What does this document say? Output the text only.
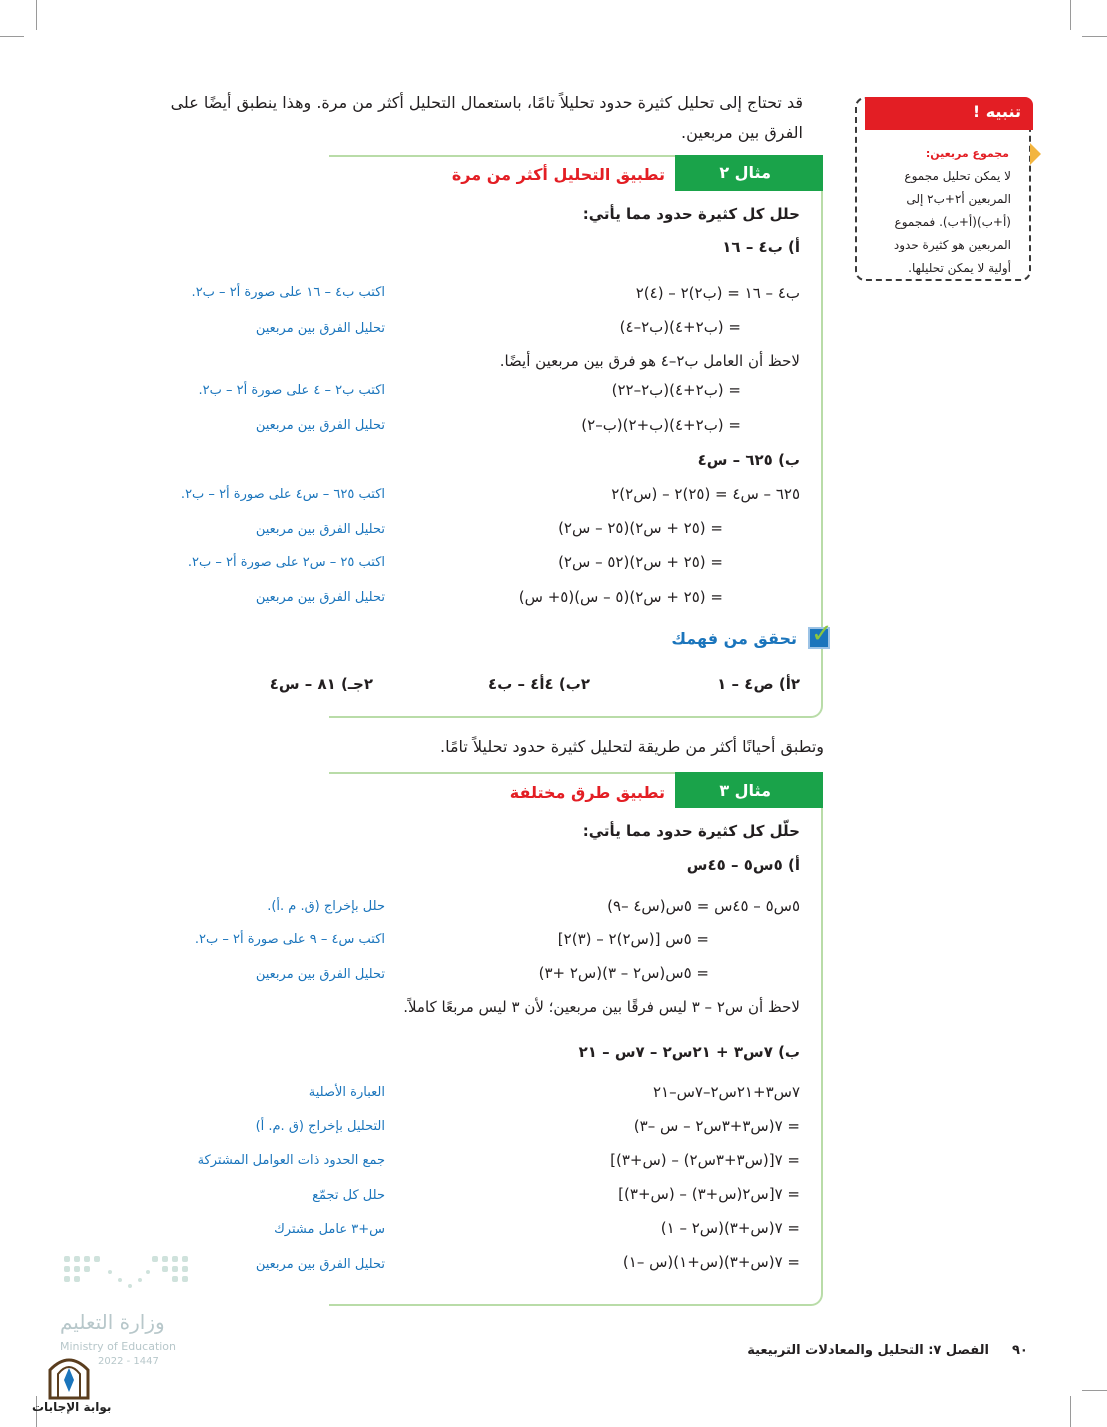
قد تحتاج إلى تحليل كثيرة حدود تحليلاً تامًا، باستعمال التحليل أكثر من مرة. وهذا ينطبق أيضًا على الفرق بين مربعين.

تنبيه !
مجموع مربعين:
لا يمكن تحليل مجموع
المربعين أ٢+ب٢ إلى
(أ+ب)(أ+ب). فمجموع
المربعين هو كثيرة حدود
أولية لا يمكن تحليلها.
مثال ٢
تطبيق التحليل أكثر من مرة
حلل كل كثيرة حدود مما يأتي:
أ) ب٤ – ١٦
ب٤ – ١٦ = (ب٢)٢ – (٤)٢
اكتب ب٤ – ١٦ على صورة أ٢ – ب٢.
= (ب٢+٤)(ب٢–٤)
تحليل الفرق بين مربعين
لاحظ أن العامل ب٢–٤ هو فرق بين مربعين أيضًا.
= (ب٢+٤)(ب٢–٢٢)
اكتب ب٢ – ٤ على صورة أ٢ – ب٢.
= (ب٢+٤)(ب+٢)(ب–٢)
تحليل الفرق بين مربعين
ب) ٦٢٥ – س٤
٦٢٥ – س٤ = (٢٥)٢ – (س٢)٢
اكتب ٦٢٥ – س٤ على صورة أ٢ – ب٢.
= (٢٥ + س٢)(٢٥ – س٢)
تحليل الفرق بين مربعين
= (٢٥ + س٢)(٥٢ – س٢)
اكتب ٢٥ – س٢ على صورة أ٢ – ب٢.
= (٢٥ + س٢)(٥ – س)(٥+ س)
تحليل الفرق بين مربعين
✓
تحقق من فهمك
٢أ) ص٤ – ١
٢ب) ٤أ٤ – ب٤
٢جـ) ٨١ – س٤
وتطبق أحيانًا أكثر من طريقة لتحليل كثيرة حدود تحليلاً تامًا.
مثال ٣
تطبيق طرق مختلفة
حلّل كل كثيرة حدود مما يأتي:
أ) ٥س٥ – ٤٥س
٥س٥ – ٤٥س = ٥س(س٤ –٩)
حلل بإخراج (ق. م .أ).
= ٥س [(س٢)٢ – (٣)٢]
اكتب س٤ – ٩ على صورة أ٢ – ب٢.
= ٥س(س٢ – ٣)(س٢ +٣)
تحليل الفرق بين مربعين
لاحظ أن س٢ – ٣ ليس فرقًا بين مربعين؛ لأن ٣ ليس مربعًا كاملاً.
ب) ٧س٣ + ٢١س٢ – ٧س – ٢١
٧س٣+٢١س٢–٧س–٢١
العبارة الأصلية
= ٧(س٣+٣س٢ – س –٣)
التحليل بإخراج (ق .م. أ)
= ٧[(س٣+٣س٢) – (س+٣)]
جمع الحدود ذات العوامل المشتركة
= ٧[س٢(س+٣) – (س+٣)]
حلل كل تجمّع
= ٧(س+٣)(س٢ – ١)
س+٣ عامل مشترك
= ٧(س+٣)(س+١)(س –١)
تحليل الفرق بين مربعين
وزارة التعليم
Ministry of Education
2022 - 1447
بوابة الإجابات
الفصل ٧: التحليل والمعادلات التربيعية ٩٠
